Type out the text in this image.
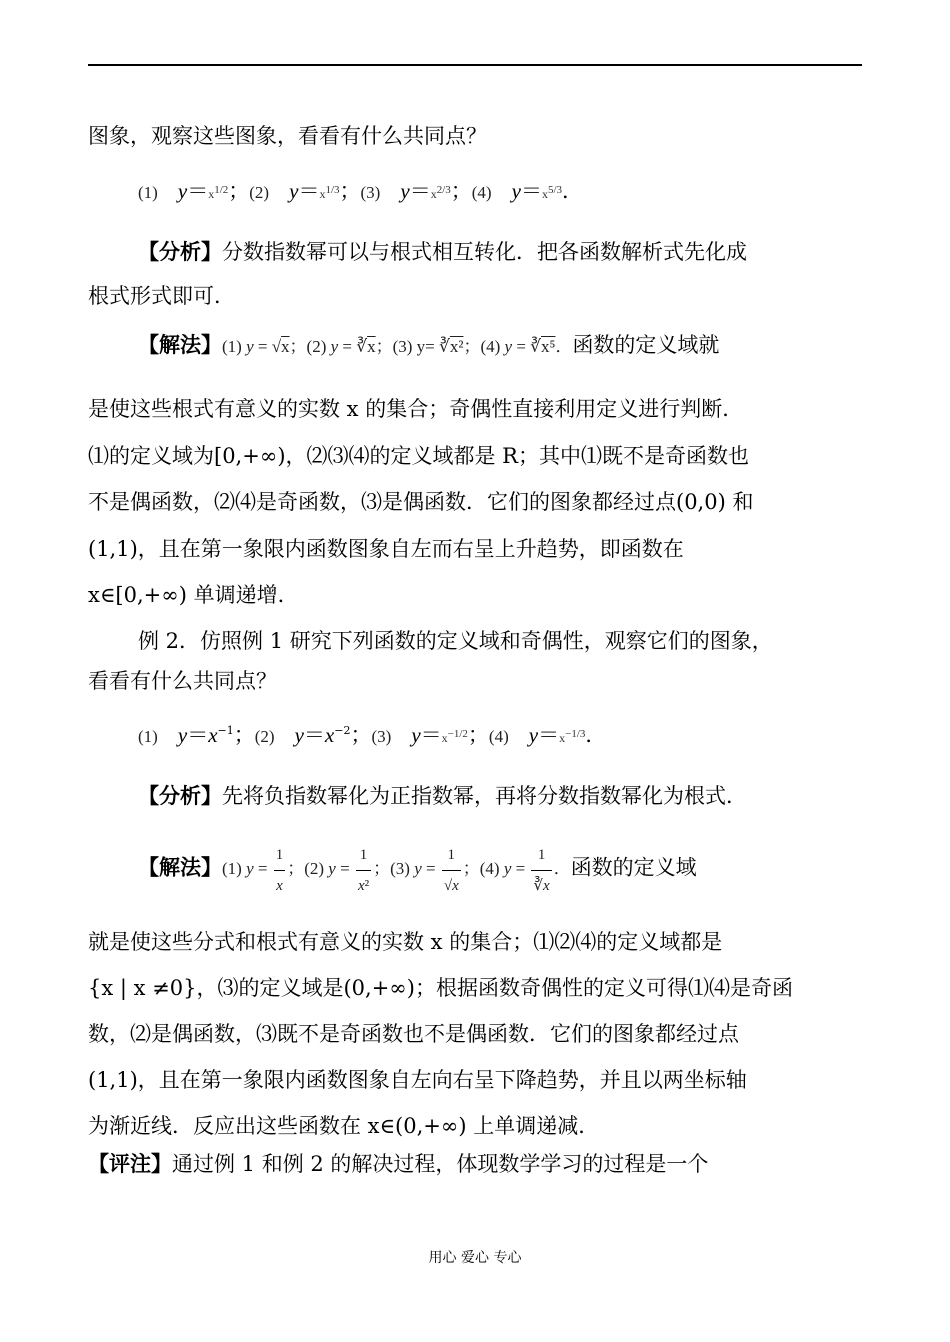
图象，观察这些图象，看看有什么共同点？
(1) $y=x^{1/2}$；(2) $y=x^{1/3}$；(3) $y=x^{2/3}$；(4) $y=x^{5/3}$．
【分析】分数指数幂可以与根式相互转化．把各函数解析式先化成
根式形式即可．
【解法】(1) y = √x；(2) $y = ∛\overline{x}$；(3) y= ∛x²；(4) y = ∛x⁵．函数的定义域就
是使这些根式有意义的实数 x 的集合；奇偶性直接利用定义进行判断．
⑴的定义域为[0,+∞)，⑵⑶⑷的定义域都是 R；其中⑴既不是奇函数也
不是偶函数，⑵⑷是奇函数，⑶是偶函数．它们的图象都经过点(0,0) 和
(1,1)，且在第一象限内函数图象自左而右呈上升趋势，即函数在
x∈[0,+∞) 单调递增．
例 2．仿照例 1 研究下列函数的定义域和奇偶性，观察它们的图象，
看看有什么共同点？
(1) $y=x^{-1}$；(2) $y=x^{-2}$；(3) $y=x^{-1/2}$；(4) $y=x^{-1/3}$．
【分析】先将负指数幂化为正指数幂，再将分数指数幂化为根式．
【解法】(1) $y = \frac{1}{x}$ ；(2) $y = \frac{1}{\text{x²}}$ ；(3) $y = \frac{1}{√x}$ ；(4) $y = \frac{1}{∛x}$ ．函数的定义域
就是使这些分式和根式有意义的实数 x 的集合；⑴⑵⑷的定义域都是
{x | x ≠0}，⑶的定义域是(0,+∞)；根据函数奇偶性的定义可得⑴⑷是奇函
数，⑵是偶函数，⑶既不是奇函数也不是偶函数．它们的图象都经过点
(1,1)，且在第一象限内函数图象自左向右呈下降趋势，并且以两坐标轴
为渐近线．反应出这些函数在 x∈(0,+∞) 上单调递减．
【评注】通过例 1 和例 2 的解决过程，体现数学学习的过程是一个
用心 爱心 专心
